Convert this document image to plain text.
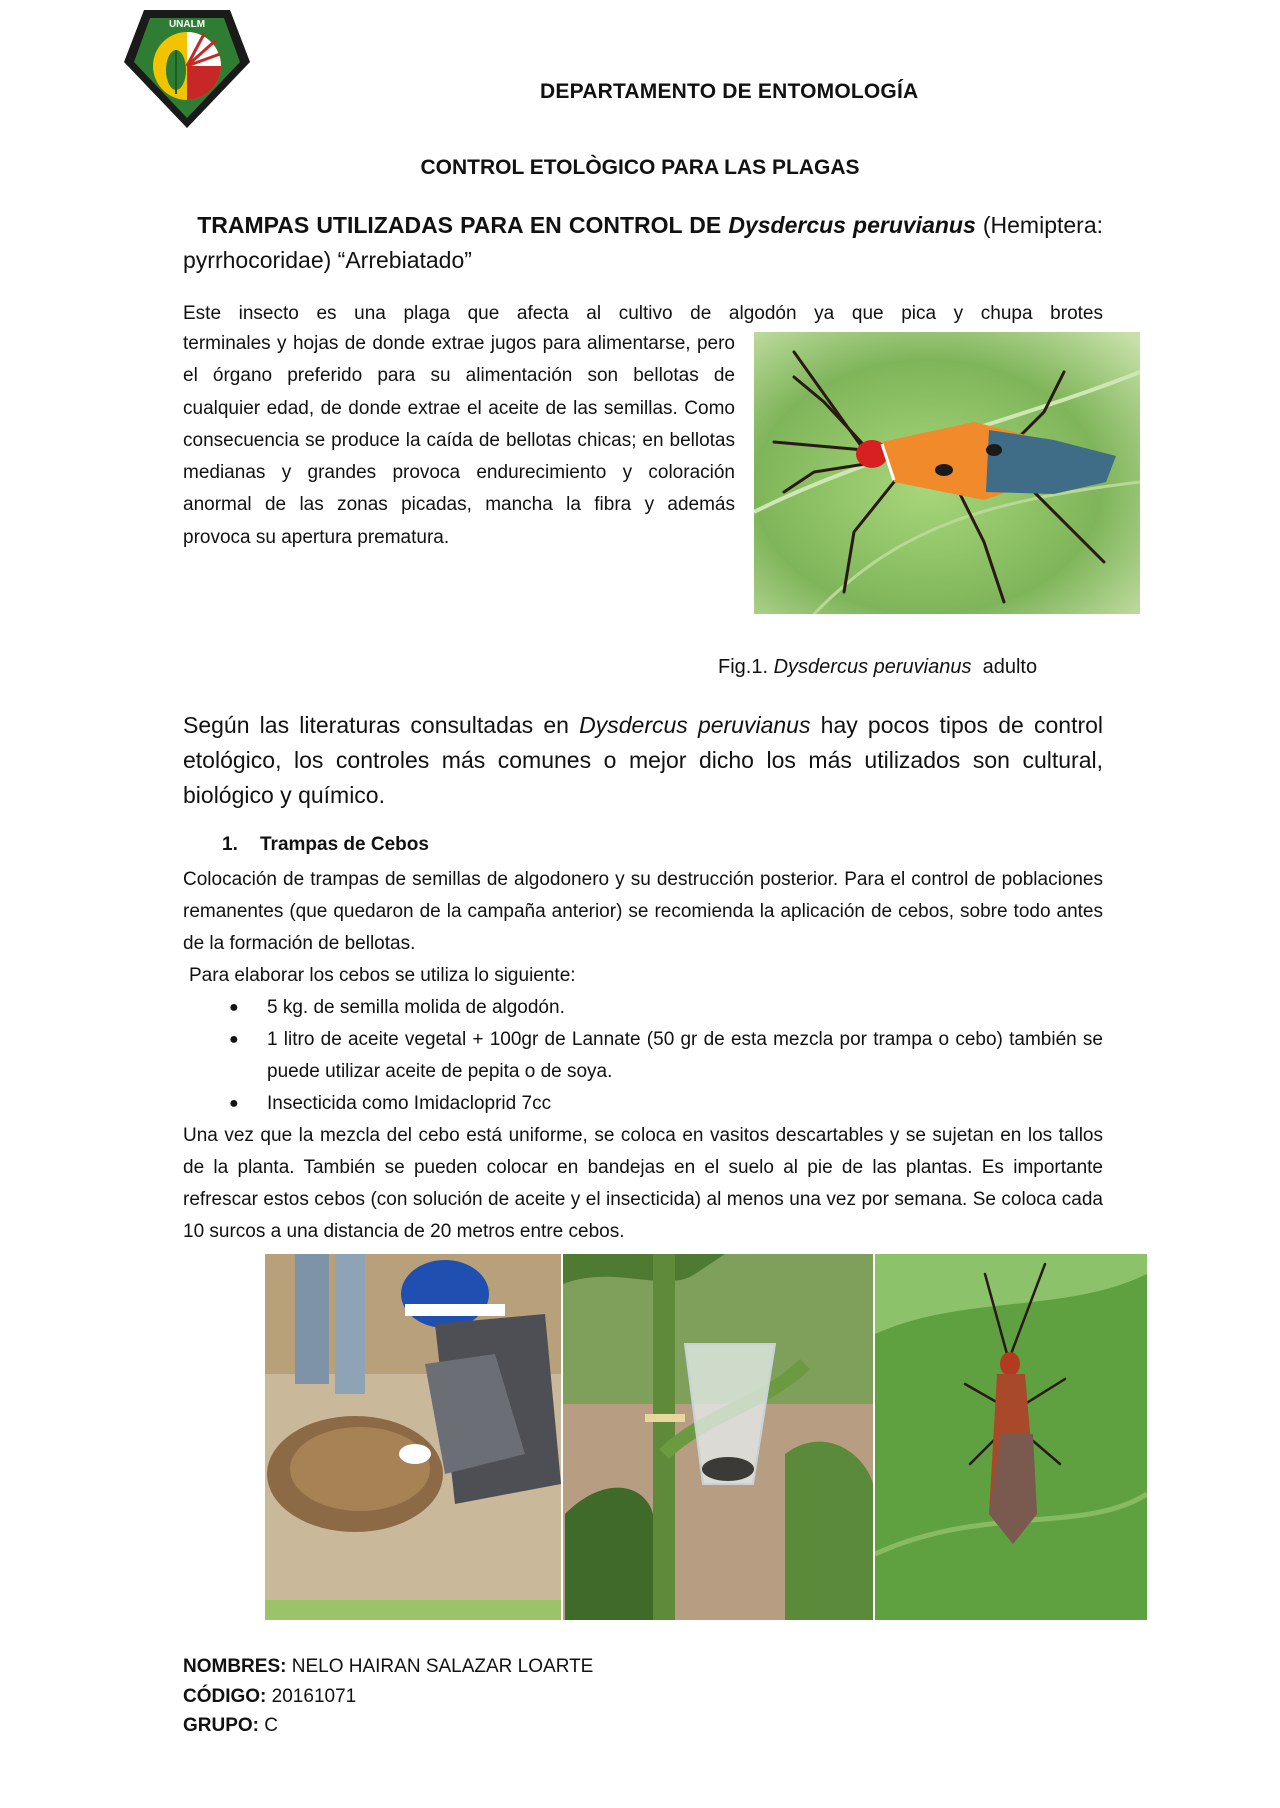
UNALM
DEPARTAMENTO DE ENTOMOLOGÍA
CONTROL ETOLÒGICO PARA LAS PLAGAS
TRAMPAS UTILIZADAS PARA EN CONTROL DE Dysdercus peruvianus (Hemiptera: pyrrhocoridae) “Arrebiatado”

Este insecto es una plaga que afecta al cultivo de algodón ya que pica y chupa brotes

terminales y hojas de donde extrae jugos para alimentarse, pero el órgano preferido para su alimentación son bellotas de cualquier edad, de donde extrae el aceite de las semillas. Como consecuencia se produce la caída de bellotas chicas; en bellotas medianas y grandes provoca endurecimiento y coloración anormal de las zonas picadas, mancha la fibra y además provoca su apertura prematura.

Fig.1. Dysdercus peruvianus adulto

Según las literaturas consultadas en Dysdercus peruvianus hay pocos tipos de control etológico, los controles más comunes o mejor dicho los más utilizados son cultural, biológico y químico.

1. Trampas de Cebos

Colocación de trampas de semillas de algodonero y su destrucción posterior. Para el control de poblaciones remanentes (que quedaron de la campaña anterior) se recomienda la aplicación de cebos, sobre todo antes de la formación de bellotas.

Para elaborar los cebos se utiliza lo siguiente:

● 5 kg. de semilla molida de algodón.
● 1 litro de aceite vegetal + 100gr de Lannate (50 gr de esta mezcla por trampa o cebo) también se puede utilizar aceite de pepita o de soya.
● Insecticida como Imidacloprid 7cc

Una vez que la mezcla del cebo está uniforme, se coloca en vasitos descartables y se sujetan en los tallos de la planta. También se pueden colocar en bandejas en el suelo al pie de las plantas. Es importante refrescar estos cebos (con solución de aceite y el insecticida) al menos una vez por semana. Se coloca cada 10 surcos a una distancia de 20 metros entre cebos.

NOMBRES: NELO HAIRAN SALAZAR LOARTE
CÓDIGO: 20161071
GRUPO: C
